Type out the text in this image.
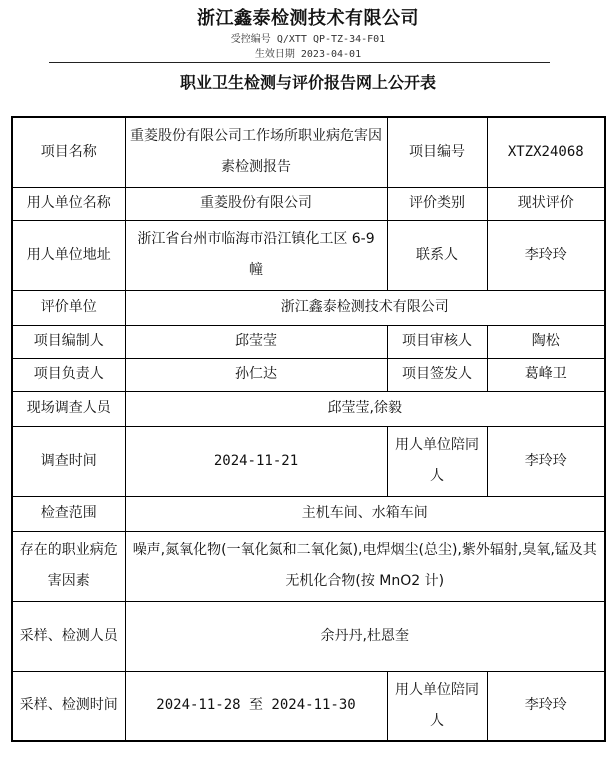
浙江鑫泰检测技术有限公司
受控编号 Q/XTT QP-TZ-34-F01
生效日期 2023-04-01
职业卫生检测与评价报告网上公开表
项目名称	重菱股份有限公司工作场所职业病危害因素检测报告	项目编号	XTZX24068
用人单位名称	重菱股份有限公司	评价类别	现状评价
用人单位地址	浙江省台州市临海市沿江镇化工区 6-9 幢	联系人	李玲玲
评价单位	浙江鑫泰检测技术有限公司		
项目编制人	邱莹莹	项目审核人	陶松
项目负责人	孙仁达	项目签发人	葛峰卫
现场调查人员	邱莹莹,徐毅		
调查时间	2024-11-21	用人单位陪同人	李玲玲
检查范围	主机车间、水箱车间		
存在的职业病危害因素	噪声,氮氧化物(一氧化氮和二氧化氮),电焊烟尘(总尘),紫外辐射,臭氧,锰及其无机化合物(按 MnO2 计)		
采样、检测人员	余丹丹,杜恩奎		
采样、检测时间	2024-11-28 至 2024-11-30	用人单位陪同人	李玲玲
